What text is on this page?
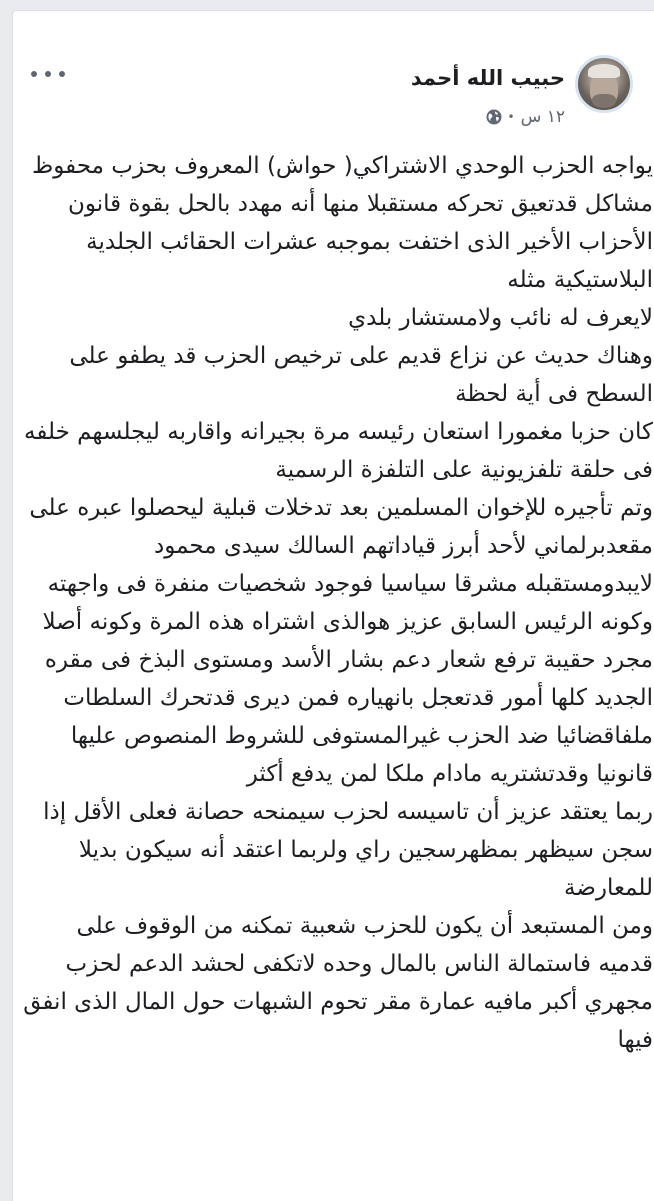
حبيب الله أحمد
١٢ س
•

يواجه الحزب الوحدي الاشتراكي( حواش) المعروف بحزب محفوظ مشاكل قدتعيق تحركه مستقبلا منها أنه مهدد بالحل بقوة قانون الأحزاب الأخير الذى اختفت بموجبه عشرات الحقائب الجلدية البلاستيكية مثله

لايعرف له نائب ولامستشار بلدي

وهناك حديث عن نزاع قديم على ترخيص الحزب قد يطفو على السطح فى أية لحظة

كان حزبا مغمورا استعان رئيسه مرة بجيرانه واقاربه ليجلسهم خلفه فى حلقة تلفزيونية على التلفزة الرسمية

وتم تأجيره للإخوان المسلمين بعد تدخلات قبلية ليحصلوا عبره على مقعدبرلماني لأحد أبرز قياداتهم السالك سيدى محمود

لايبدومستقبله مشرقا سياسيا فوجود شخصيات منفرة فى واجهته وكونه الرئيس السابق عزيز هوالذى اشتراه هذه المرة وكونه أصلا مجرد حقيبة ترفع شعار دعم بشار الأسد ومستوى البذخ فى مقره الجديد كلها أمور قدتعجل بانهياره فمن ديرى قدتحرك السلطات ملفاقضائيا ضد الحزب غيرالمستوفى للشروط المنصوص عليها قانونيا وقدتشتريه مادام ملكا لمن يدفع أكثر

ربما يعتقد عزيز أن تاسيسه لحزب سيمنحه حصانة فعلى الأقل إذا سجن سيظهر بمظهرسجين راي ولربما اعتقد أنه سيكون بديلا للمعارضة

ومن المستبعد أن يكون للحزب شعبية تمكنه من الوقوف على قدميه فاستمالة الناس بالمال وحده لاتكفى لحشد الدعم لحزب مجهري أكبر مافيه عمارة مقر تحوم الشبهات حول المال الذى انفق فيها
